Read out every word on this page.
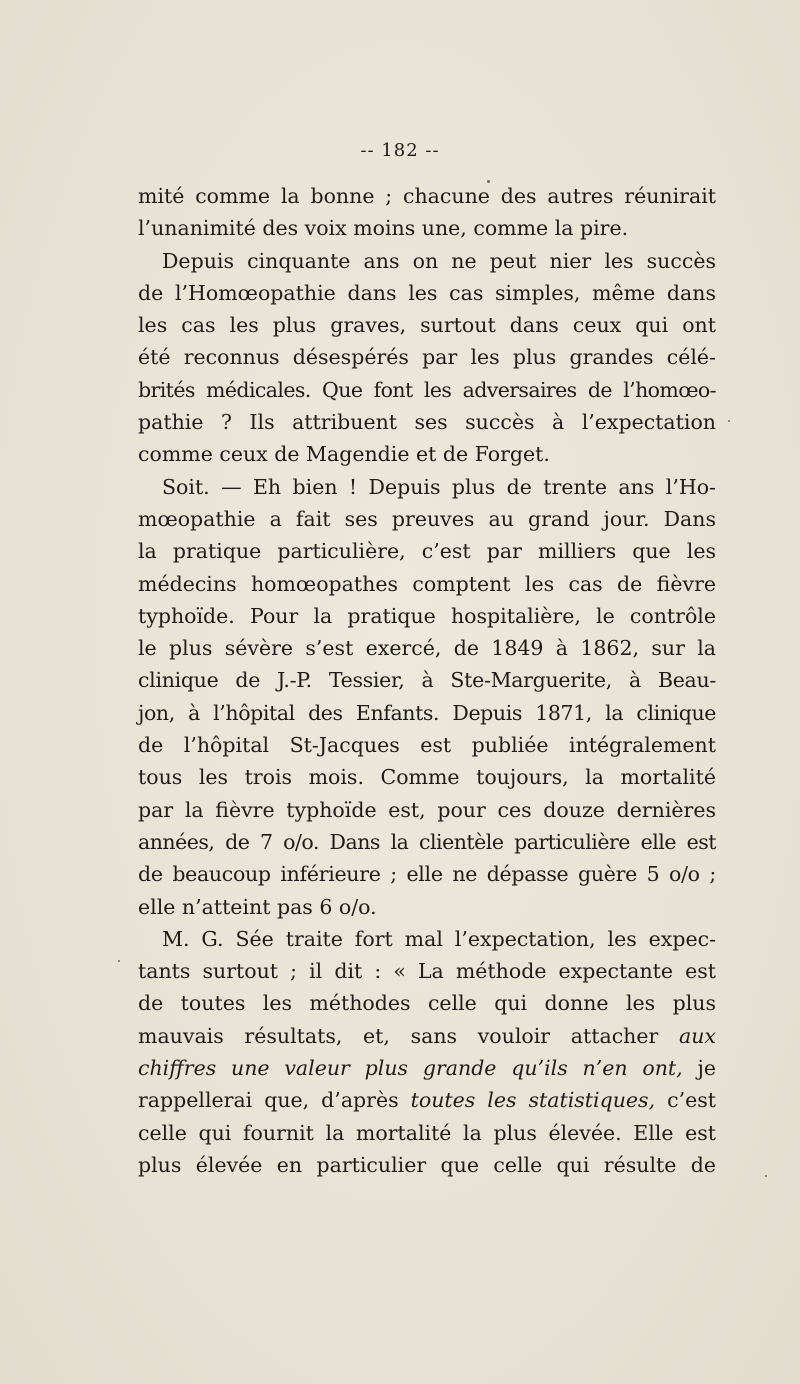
-- 182 --
mité comme la bonne ; chacune des autres réunirait
l’unanimité des voix moins une, comme la pire.
Depuis cinquante ans on ne peut nier les succès
de l’Homœopathie dans les cas simples, même dans
les cas les plus graves, surtout dans ceux qui ont
été reconnus désespérés par les plus grandes célé-
brités médicales. Que font les adversaires de l’homœo-
pathie ? Ils attribuent ses succès à l’expectation
comme ceux de Magendie et de Forget.
Soit. — Eh bien ! Depuis plus de trente ans l’Ho-
mœopathie a fait ses preuves au grand jour. Dans
la pratique particulière, c’est par milliers que les
médecins homœopathes comptent les cas de fièvre
typhoïde. Pour la pratique hospitalière, le contrôle
le plus sévère s’est exercé, de 1849 à 1862, sur la
clinique de J.-P. Tessier, à Ste-Marguerite, à Beau-
jon, à l’hôpital des Enfants. Depuis 1871, la clinique
de l’hôpital St-Jacques est publiée intégralement
tous les trois mois. Comme toujours, la mortalité
par la fièvre typhoïde est, pour ces douze dernières
années, de 7 o/o. Dans la clientèle particulière elle est
de beaucoup inférieure ; elle ne dépasse guère 5 o/o ;
elle n’atteint pas 6 o/o.
M. G. Sée traite fort mal l’expectation, les expec-
tants surtout ; il dit : « La méthode expectante est
de toutes les méthodes celle qui donne les plus
mauvais résultats, et, sans vouloir attacher aux
chiffres une valeur plus grande qu’ils n’en ont, je
rappellerai que, d’après toutes les statistiques, c’est
celle qui fournit la mortalité la plus élevée. Elle est
plus élevée en particulier que celle qui résulte de
